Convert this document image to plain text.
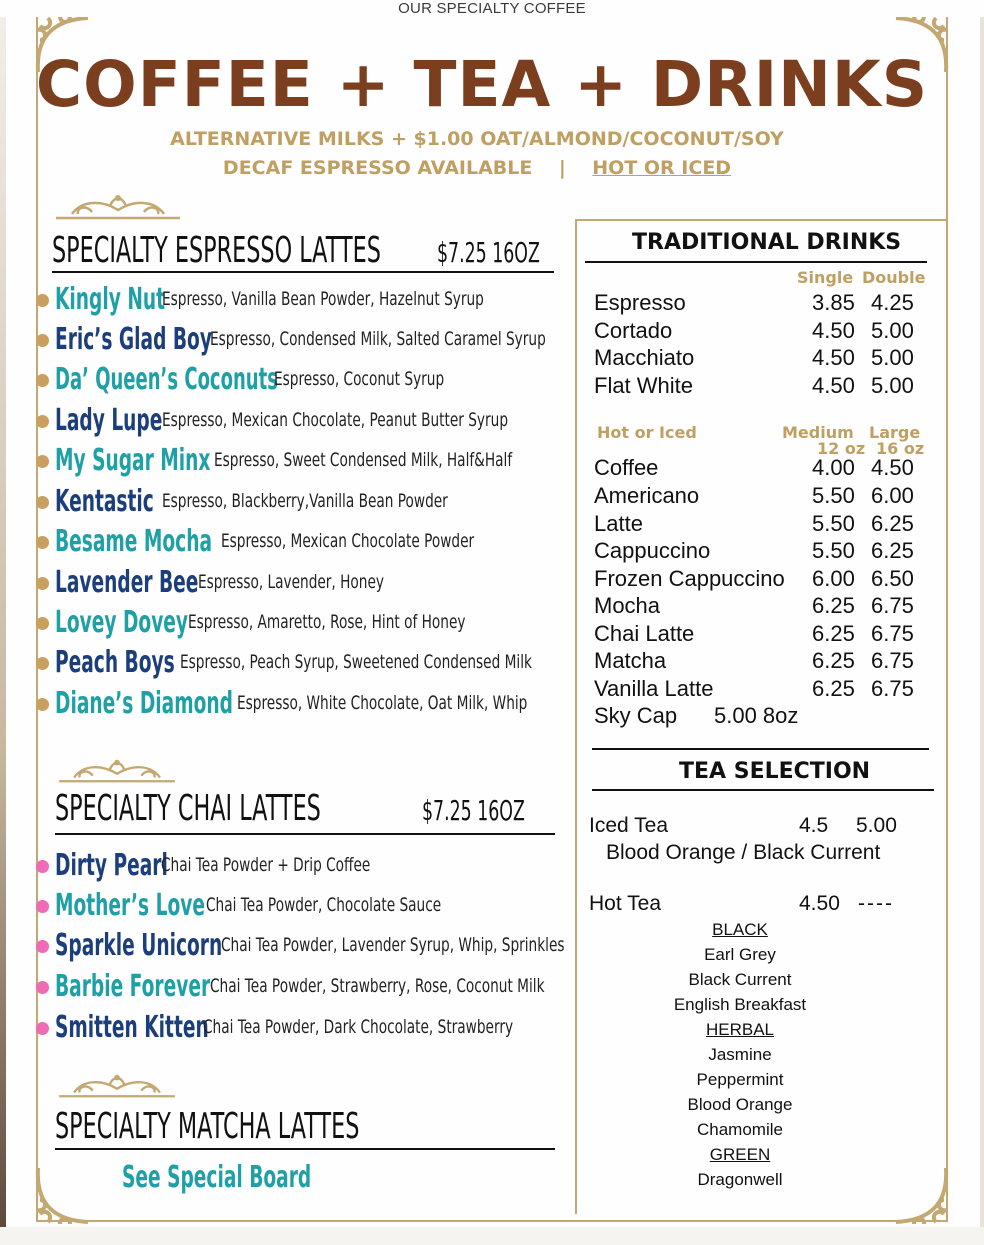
OUR SPECIALTY COFFEE
COFFEE + TEA + DRINKS
ALTERNATIVE MILKS + $1.00 OAT/ALMOND/COCONUT/SOY
DECAF ESPRESSO AVAILABLE | HOT OR ICED
SPECIALTY ESPRESSO LATTES $7.25 16OZ
SPECIALTY CHAI LATTES	$7.25 16OZ
SPECIALTY MATCHA LATTES
See Special Board
TRADITIONAL DRINKS
Single Double
Hot or Iced	Medium
12 oz
Large
16 oz
Sky Cap 5.00 8oz
TEA SELECTION
Iced Tea	4.5 5.00
Blood Orange / Black Current
Hot Tea	4.50 ----
Kingly Nut
Espresso, Vanilla Bean Powder, Hazelnut Syrup
Eric’s Glad Boy
Espresso, Condensed Milk, Salted Caramel Syrup
Da’ Queen’s Coconuts
Espresso, Coconut Syrup
Lady Lupe Espresso, Mexican Chocolate, Peanut Butter Syrup
My Sugar Minx Espresso, Sweet Condensed Milk, Half&Half
Kentastic Espresso, Blackberry,Vanilla Bean Powder
Besame Mocha Espresso, Mexican Chocolate Powder
Lavender Bee Espresso, Lavender, Honey
Lovey Dovey Espresso, Amaretto, Rose, Hint of Honey
Peach Boys Espresso, Peach Syrup, Sweetened Condensed Milk
Diane’s Diamond Espresso, White Chocolate, Oat Milk, Whip
Dirty Pearl
Chai Tea Powder + Drip Coffee
Mother’s Love Chai Tea Powder, Chocolate Sauce
Sparkle Unicorn
Chai Tea Powder, Lavender Syrup, Whip, Sprinkles
Barbie Forever Chai Tea Powder, Strawberry, Rose, Coconut Milk
Smitten Kitten
Chai Tea Powder, Dark Chocolate, Strawberry
Espresso	3.85 4.25
Cortado	4.50 5.00
Macchiato	4.50 5.00
Flat White	4.50 5.00
Coffee	4.00 4.50
Americano	5.50 6.00
Latte	5.50 6.25
Cappuccino	5.50 6.25
Frozen Cappuccino 6.00 6.50
Mocha	6.25 6.75
Chai Latte	6.25 6.75
Matcha	6.25 6.75
Vanilla Latte	6.25 6.75
BLACK
Earl Grey
Black Current
English Breakfast
HERBAL
Jasmine
Peppermint
Blood Orange
Chamomile
GREEN
Dragonwell
